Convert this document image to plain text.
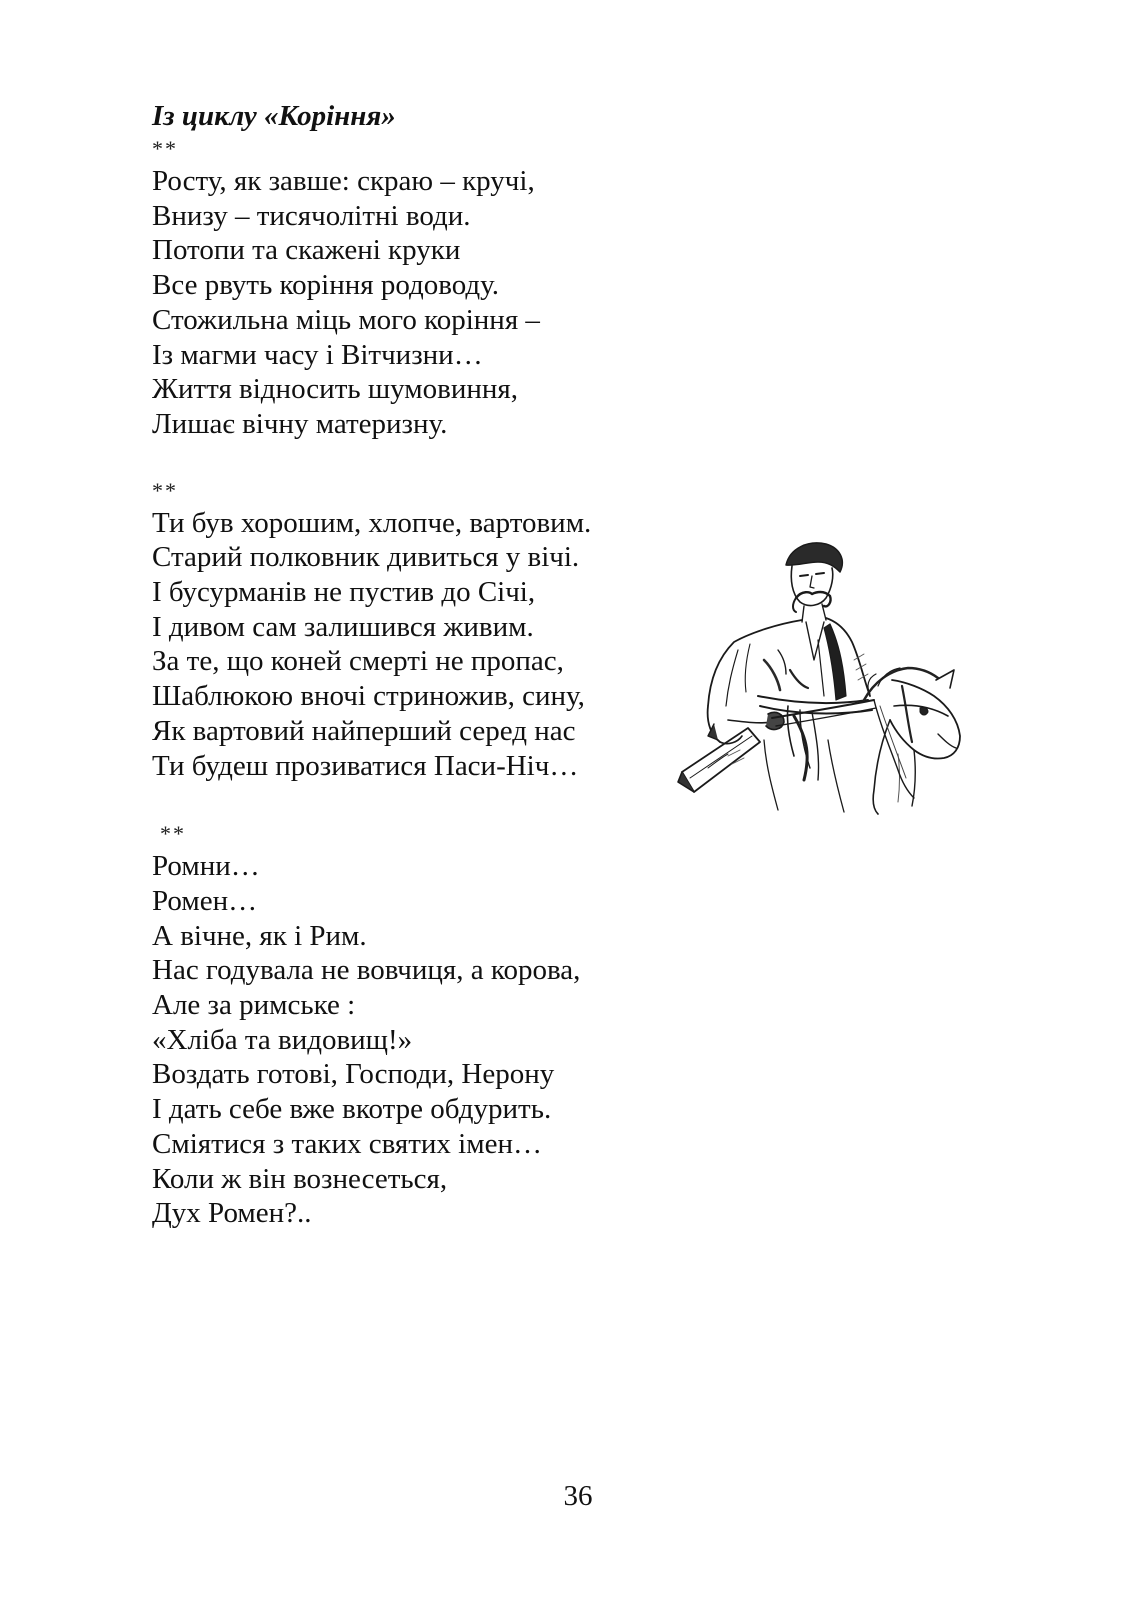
Із циклу «Коріння»
**
Росту, як завше: скраю – кручі,
Внизу – тисячолітні води.
Потопи та скажені круки
Все рвуть коріння родоводу.
Стожильна міць мого коріння –
Із магми часу і Вітчизни…
Життя відносить шумовиння,
Лишає вічну материзну.
**
Ти був хорошим, хлопче, вартовим.
Старий полковник дивиться у вічі.
І бусурманів не пустив до Січі,
І дивом сам залишився живим.
За те, що коней смерті не пропас,
Шаблюкою вночі стриножив, сину,
Як вартовий найперший серед нас
Ти будеш прозиватися Паси-Ніч…
**
Ромни…
Ромен…
А вічне, як і Рим.
Нас годувала не вовчиця, а корова,
Але за римське :
«Хліба та видовищ!»
Воздать готові, Господи, Нерону
І дать себе вже вкотре обдурить.
Сміятися з таких святих імен…
Коли ж він вознесеться,
Дух Ромен?..
36
